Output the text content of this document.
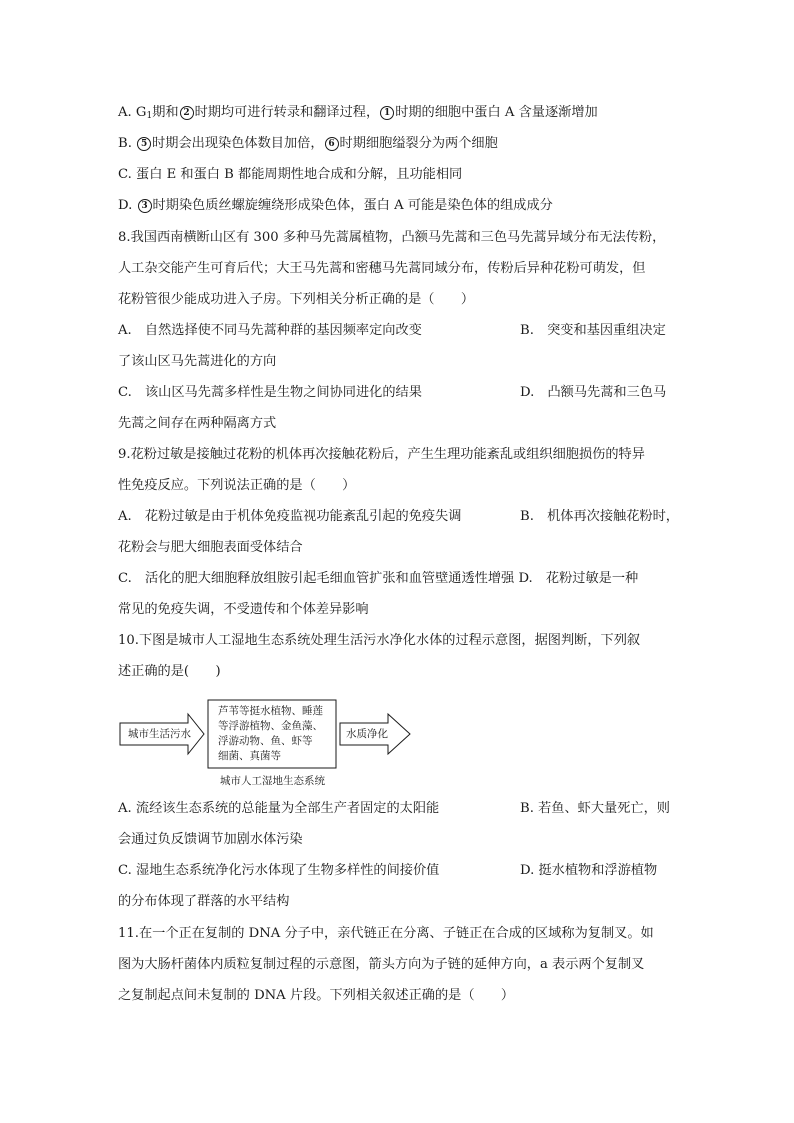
A. $G_1$期和 2 时期均可进行转录和翻译过程， 1 时期的细胞中蛋白 A 含量逐渐增加
B. 5 时期会出现染色体数目加倍， 6 时期细胞缢裂分为两个细胞
C. 蛋白 E 和蛋白 B 都能周期性地合成和分解，且功能相同
D. 3 时期染色质丝螺旋缠绕形成染色体，蛋白 A 可能是染色体的组成成分
8.我国西南横断山区有 300 多种马先蒿属植物，凸额马先蒿和三色马先蒿异域分布无法传粉，
人工杂交能产生可育后代；大王马先蒿和密穗马先蒿同域分布，传粉后异种花粉可萌发，但
花粉管很少能成功进入子房。下列相关分析正确的是（　　）
A.　自然选择使不同马先蒿种群的基因频率定向改变	B.　突变和基因重组决定
了该山区马先蒿进化的方向
C.　该山区马先蒿多样性是生物之间协同进化的结果	D.　凸额马先蒿和三色马
先蒿之间存在两种隔离方式
9.花粉过敏是接触过花粉的机体再次接触花粉后，产生生理功能紊乱或组织细胞损伤的特异
性免疫反应。下列说法正确的是（　　）
A.　花粉过敏是由于机体免疫监视功能紊乱引起的免疫失调	B.　机体再次接触花粉时，
花粉会与肥大细胞表面受体结合
C.　活化的肥大细胞释放组胺引起毛细血管扩张和血管壁通透性增强 D.　花粉过敏是一种
常见的免疫失调，不受遗传和个体差异影响
10.下图是城市人工湿地生态系统处理生活污水净化水体的过程示意图，据图判断，下列叙
述正确的是(　　)
城市生活污水
芦苇等挺水植物、睡莲
等浮游植物、金鱼藻、
浮游动物、鱼、虾等
细菌、真菌等
水质净化
城市人工湿地生态系统
A. 流经该生态系统的总能量为全部生产者固定的太阳能	B. 若鱼、虾大量死亡，则
会通过负反馈调节加剧水体污染
C. 湿地生态系统净化污水体现了生物多样性的间接价值	D. 挺水植物和浮游植物
的分布体现了群落的水平结构
11.在一个正在复制的 DNA 分子中，亲代链正在分离、子链正在合成的区域称为复制叉。如
图为大肠杆菌体内质粒复制过程的示意图，箭头方向为子链的延伸方向，a 表示两个复制叉
之复制起点间未复制的 DNA 片段。下列相关叙述正确的是（　　）
